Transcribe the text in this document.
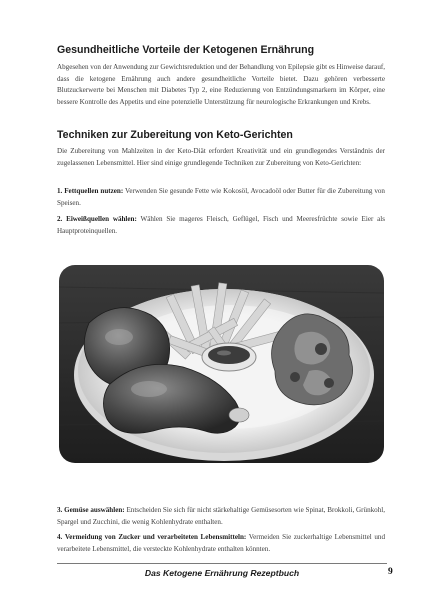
Gesundheitliche Vorteile der Ketogenen Ernährung

Abgesehen von der Anwendung zur Gewichtsreduktion und der Behandlung von Epilepsie gibt es Hinweise darauf, dass die ketogene Ernährung auch andere gesundheitliche Vorteile bietet. Dazu gehören verbesserte Blutzuckerwerte bei Menschen mit Diabetes Typ 2, eine Reduzierung von Entzündungsmarkern im Körper, eine bessere Kontrolle des Appetits und eine potenzielle Unterstützung für neurologische Erkrankungen und Krebs.

Techniken zur Zubereitung von Keto-Gerichten

Die Zubereitung von Mahlzeiten in der Keto-Diät erfordert Kreativität und ein grundlegendes Verständnis der zugelassenen Lebensmittel. Hier sind einige grundlegende Techniken zur Zubereitung von Keto-Gerichten:

1. Fettquellen nutzen: Verwenden Sie gesunde Fette wie Kokosöl, Avocadoöl oder Butter für die Zubereitung von Speisen.

2. Eiweißquellen wählen: Wählen Sie mageres Fleisch, Geflügel, Fisch und Meeresfrüchte sowie Eier als Hauptproteinquellen.

3. Gemüse auswählen: Entscheiden Sie sich für nicht stärkehaltige Gemüsesorten wie Spinat, Brokkoli, Grünkohl, Spargel und Zucchini, die wenig Kohlenhydrate enthalten.

4. Vermeidung von Zucker und verarbeiteten Lebensmitteln: Vermeiden Sie zuckerhaltige Lebensmittel und verarbeitete Lebensmittel, die versteckte Kohlenhydrate enthalten könnten.

Das Ketogene Ernährung Rezeptbuch	9
